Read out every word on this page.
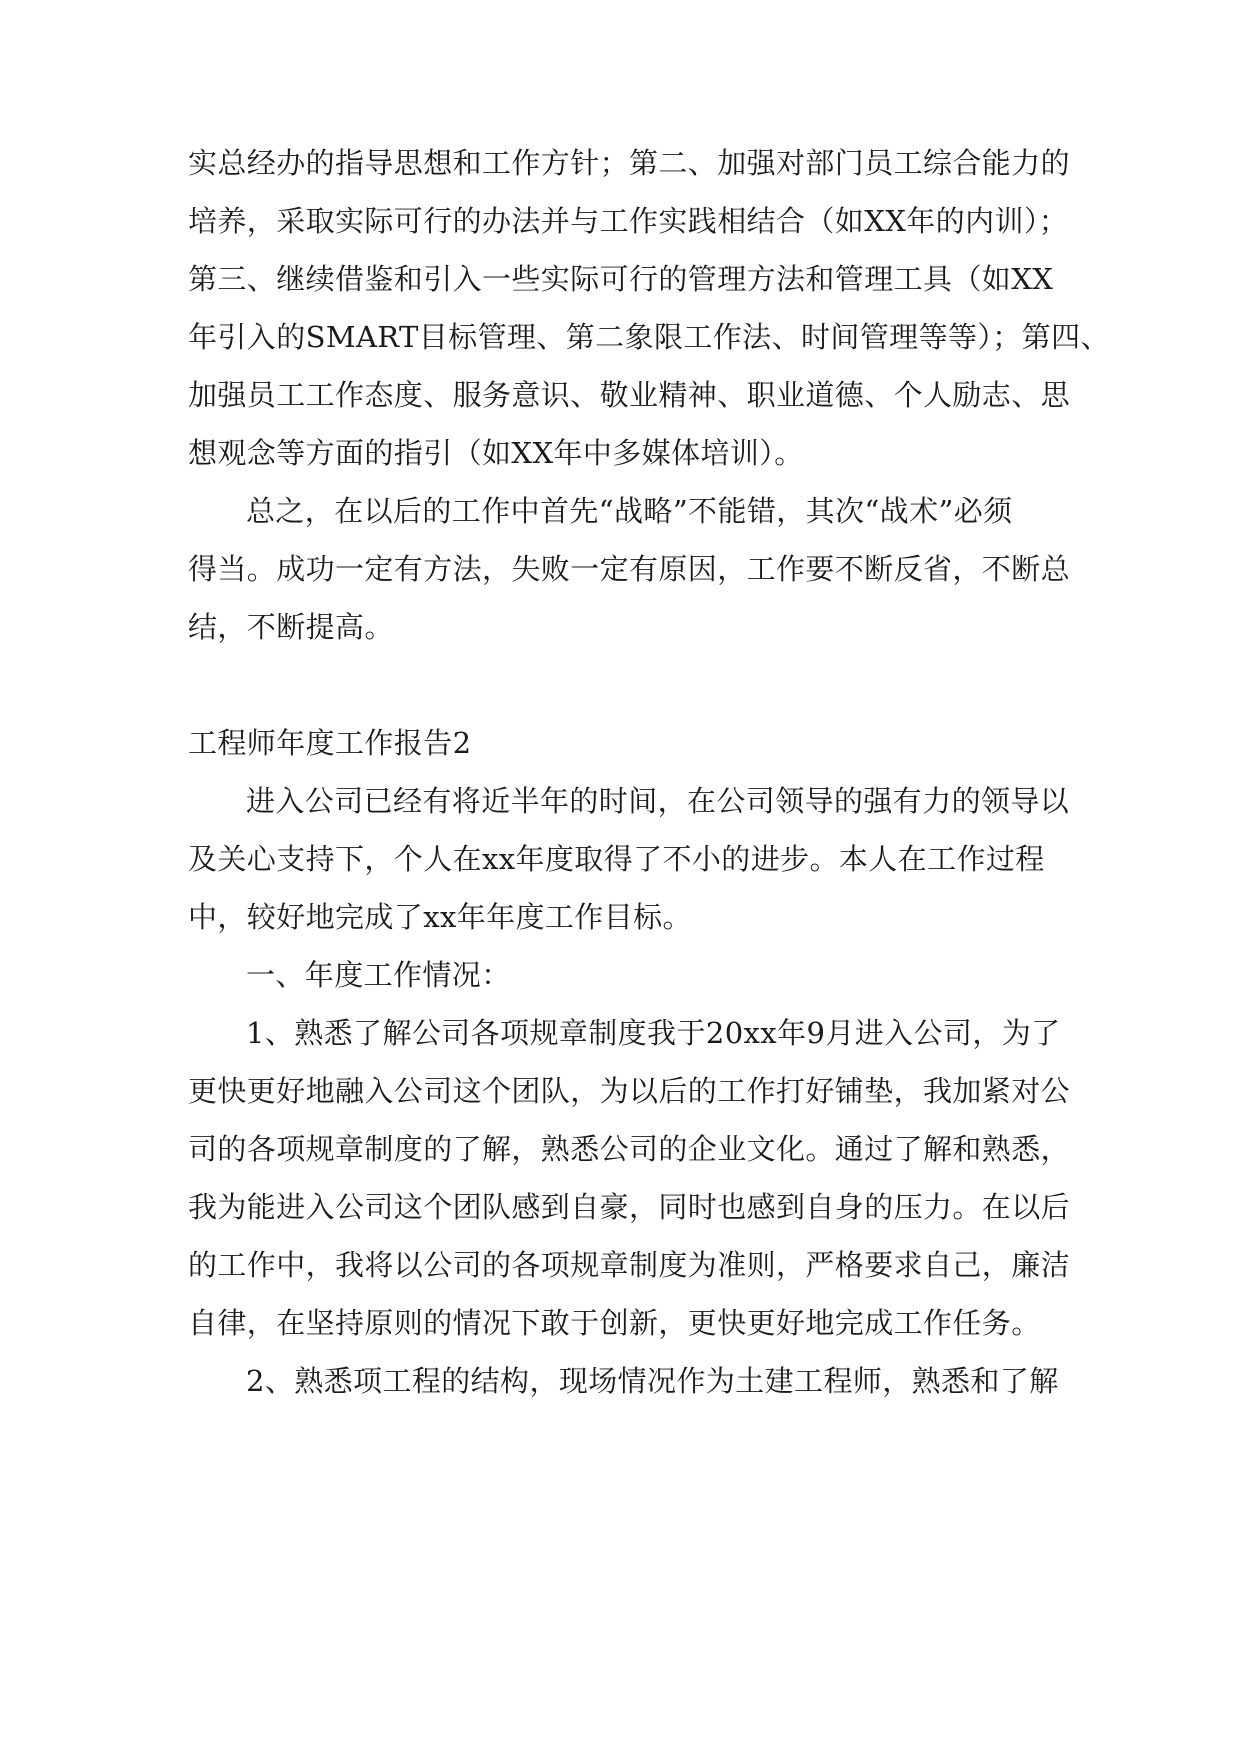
实总经办的指导思想和工作方针；第二、加强对部门员工综合能力的
培养，采取实际可行的办法并与工作实践相结合（如XX年的内训）；
第三、继续借鉴和引入一些实际可行的管理方法和管理工具（如XX
年引入的SMART目标管理、第二象限工作法、时间管理等等）；第四、
加强员工工作态度、服务意识、敬业精神、职业道德、个人励志、思
想观念等方面的指引（如XX年中多媒体培训）。
总之，在以后的工作中首先“战略”不能错，其次“战术”必须
得当。成功一定有方法，失败一定有原因，工作要不断反省，不断总
结，不断提高。
工程师年度工作报告2
进入公司已经有将近半年的时间，在公司领导的强有力的领导以
及关心支持下，个人在xx年度取得了不小的进步。本人在工作过程
中，较好地完成了xx年年度工作目标。
一、年度工作情况：
1、熟悉了解公司各项规章制度我于20xx年9月进入公司，为了
更快更好地融入公司这个团队，为以后的工作打好铺垫，我加紧对公
司的各项规章制度的了解，熟悉公司的企业文化。通过了解和熟悉，
我为能进入公司这个团队感到自豪，同时也感到自身的压力。在以后
的工作中，我将以公司的各项规章制度为准则，严格要求自己，廉洁
自律，在坚持原则的情况下敢于创新，更快更好地完成工作任务。
2、熟悉项工程的结构，现场情况作为土建工程师，熟悉和了解
